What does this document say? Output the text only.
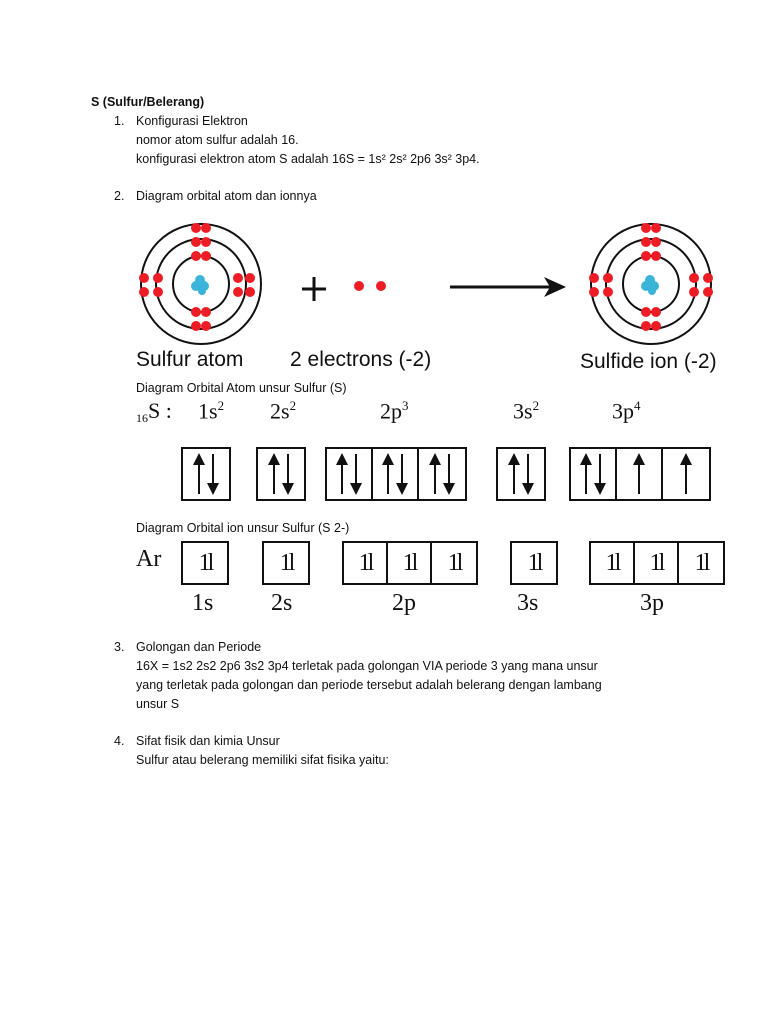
S (Sulfur/Belerang)
1. Konfigurasi Elektron
nomor atom sulfur adalah 16.
konfigurasi elektron atom S adalah 16S = 1s² 2s² 2p6 3s² 3p4.
2. Diagram orbital atom dan ionnya
Sulfur atom 2 electrons (-2)	Sulfide ion (-2)
Diagram Orbital Atom unsur Sulfur (S)
16S : $1s^2$ $2s^2$	$2p^3$	$3s^2$	$3p^4$
Diagram Orbital ion unsur Sulfur (S 2-)
Ar	1l	1l	1l	1l	1l	1l	1l	1l	1l
1s 2s	2p	3s	3p
3. Golongan dan Periode
16X = 1s2 2s2 2p6 3s2 3p4 terletak pada golongan VIA periode 3 yang mana unsur
yang terletak pada golongan dan periode tersebut adalah belerang dengan lambang
unsur S
4. Sifat fisik dan kimia Unsur
Sulfur atau belerang memiliki sifat fisika yaitu:
